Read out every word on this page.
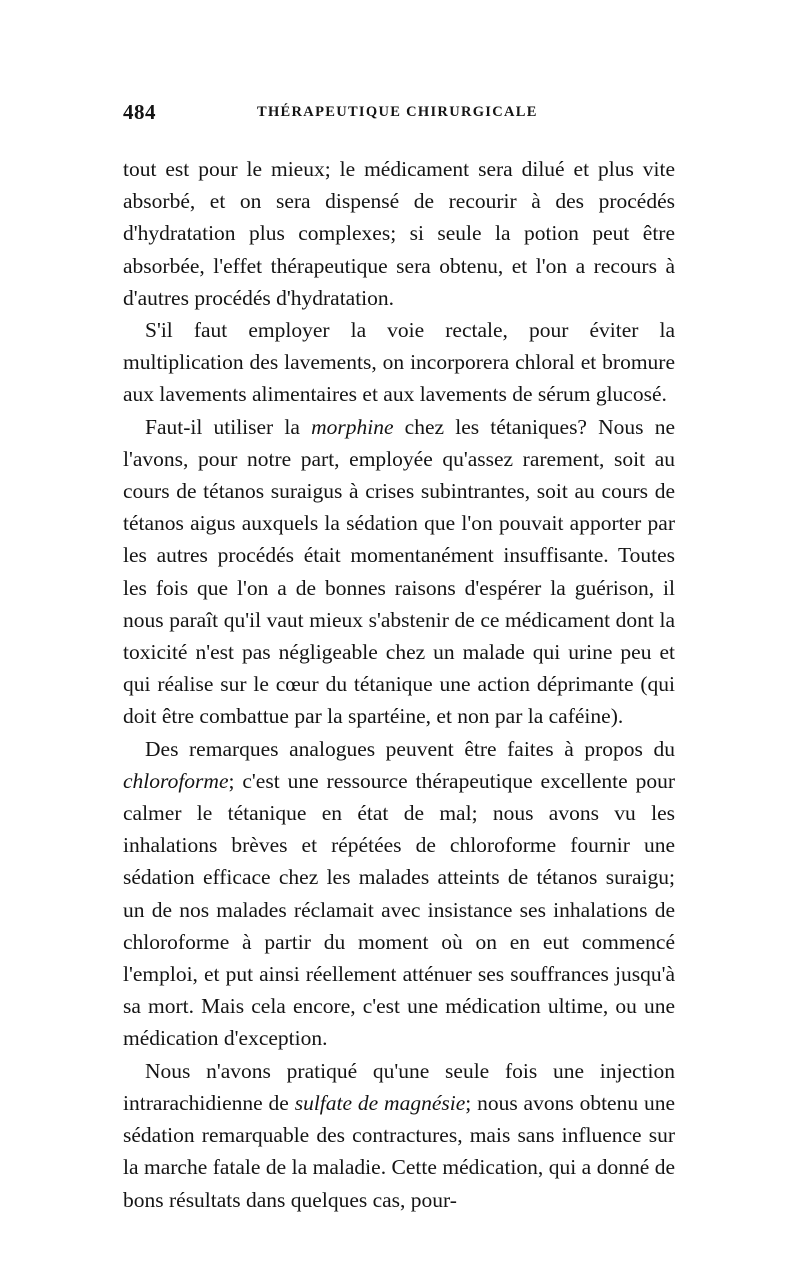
484	THÉRAPEUTIQUE CHIRURGICALE

tout est pour le mieux; le médicament sera dilué et plus vite absorbé, et on sera dispensé de recourir à des procédés d'hydratation plus complexes; si seule la potion peut être absorbée, l'effet thérapeutique sera obtenu, et l'on a recours à d'autres procédés d'hydratation.

S'il faut employer la voie rectale, pour éviter la multiplication des lavements, on incorporera chloral et bromure aux lavements alimentaires et aux lavements de sérum glucosé.

Faut-il utiliser la morphine chez les tétaniques? Nous ne l'avons, pour notre part, employée qu'assez rarement, soit au cours de tétanos suraigus à crises subintrantes, soit au cours de tétanos aigus auxquels la sédation que l'on pouvait apporter par les autres procédés était momentanément insuffisante. Toutes les fois que l'on a de bonnes raisons d'espérer la guérison, il nous paraît qu'il vaut mieux s'abstenir de ce médicament dont la toxicité n'est pas négligeable chez un malade qui urine peu et qui réalise sur le cœur du tétanique une action déprimante (qui doit être combattue par la spartéine, et non par la caféine).

Des remarques analogues peuvent être faites à propos du chloroforme; c'est une ressource thérapeutique excellente pour calmer le tétanique en état de mal; nous avons vu les inhalations brèves et répétées de chloroforme fournir une sédation efficace chez les malades atteints de tétanos suraigu; un de nos malades réclamait avec insistance ses inhalations de chloroforme à partir du moment où on en eut commencé l'emploi, et put ainsi réellement atténuer ses souffrances jusqu'à sa mort. Mais cela encore, c'est une médication ultime, ou une médication d'exception.

Nous n'avons pratiqué qu'une seule fois une injection intrarachidienne de sulfate de magnésie; nous avons obtenu une sédation remarquable des contractures, mais sans influence sur la marche fatale de la maladie. Cette médication, qui a donné de bons résultats dans quelques cas, pour-
